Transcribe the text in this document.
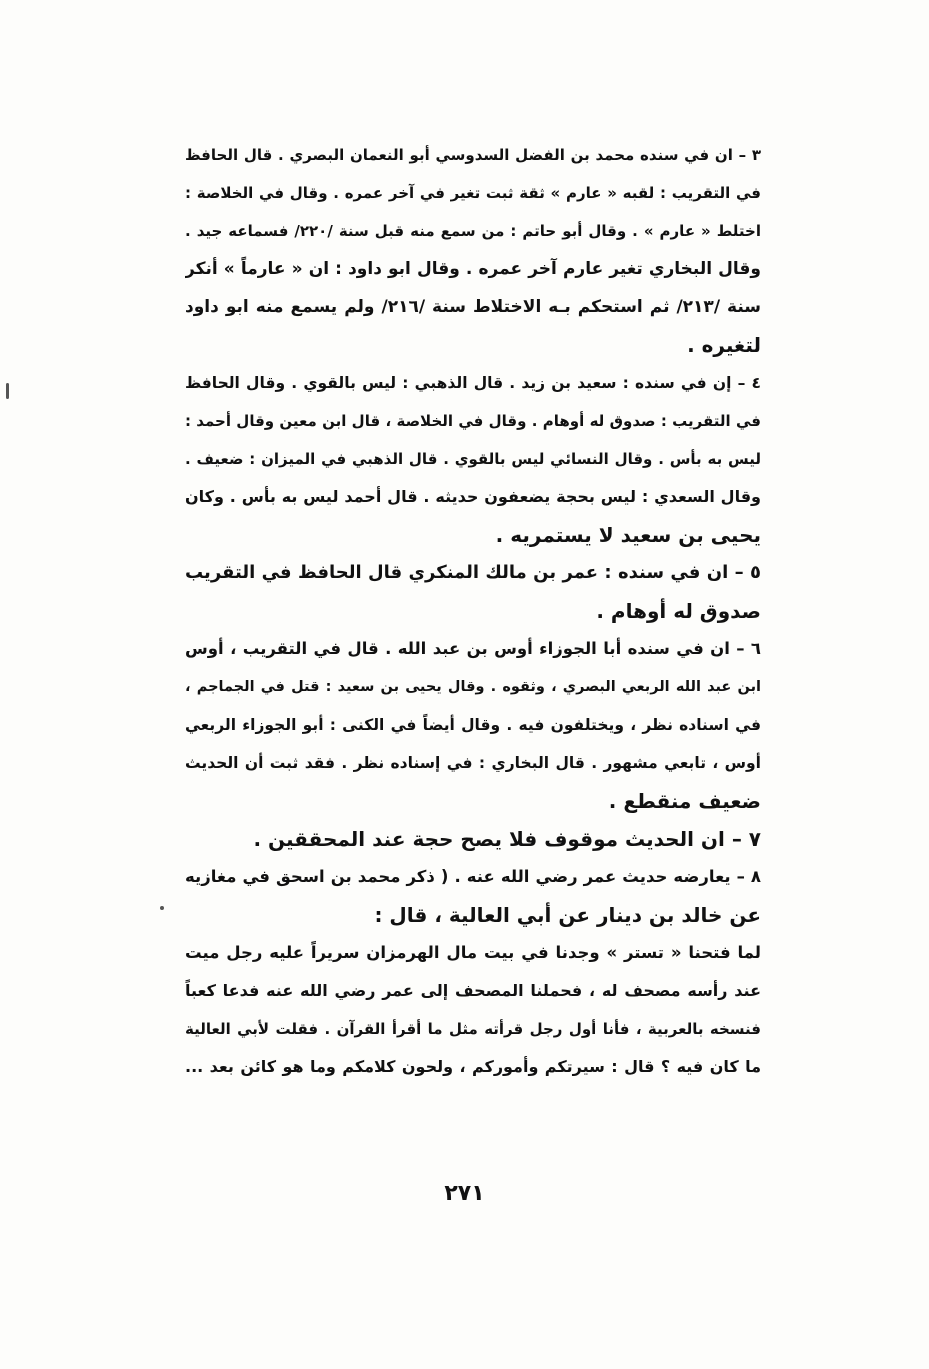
٣ – ان في سنده محمد بن الفضل السدوسي أبو النعمان البصري . قال الحافظ
في التقريب : لقبه « عارم » ثقة ثبت تغير في آخر عمره . وقال في الخلاصة :
اختلط « عارم » . وقال أبو حاتم : من سمع منه قبل سنة /٢٢٠/ فسماعه جيد .
وقال البخاري تغير عارم آخر عمره . وقال ابو داود : ان « عارماً » أنكر
سنة /٢١٣/ ثم استحكم بـه الاختلاط سنة /٢١٦/ ولم يسمع منه ابو داود
لتغيره .
٤ – إن في سنده : سعيد بن زيد . قال الذهبي : ليس بالقوي . وقال الحافظ
في التقريب : صدوق له أوهام . وقال في الخلاصة ، قال ابن معين وقال أحمد :
ليس به بأس . وقال النسائي ليس بالقوي . قال الذهبي في الميزان : ضعيف .
وقال السعدي : ليس بحجة يضعفون حديثه . قال أحمد ليس به بأس . وكان
يحيى بن سعيد لا يستمريه .
٥ – ان في سنده : عمر بن مالك المنكري قال الحافظ في التقريب
صدوق له أوهام .
٦ – ان في سنده أبا الجوزاء أوس بن عبد الله . قال في التقريب ، أوس
ابن عبد الله الربعي البصري ، وثقوه . وقال يحيى بن سعيد : قتل في الجماجم ،
في اسناده نظر ، ويختلفون فيه . وقال أيضاً في الكنى : أبو الجوزاء الربعي
أوس ، تابعي مشهور . قال البخاري : في إسناده نظر . فقد ثبت أن الحديث
ضعيف منقطع .
٧ – ان الحديث موقوف فلا يصح حجة عند المحققين .
٨ – يعارضه حديث عمر رضي الله عنه . ( ذكر محمد بن اسحق في مغازيه
عن خالد بن دينار عن أبي العالية ، قال :
لما فتحنا « تستر » وجدنا في بيت مال الهرمزان سريراً عليه رجل ميت
عند رأسه مصحف له ، فحملنا المصحف إلى عمر رضي الله عنه فدعا كعباً
فنسخه بالعربية ، فأنا أول رجل قرأته مثل ما أقرأ القرآن . فقلت لأبي العالية
ما كان فيه ؟ قال : سيرتكم وأموركم ، ولحون كلامكم وما هو كائن بعد ...
٢٧١
